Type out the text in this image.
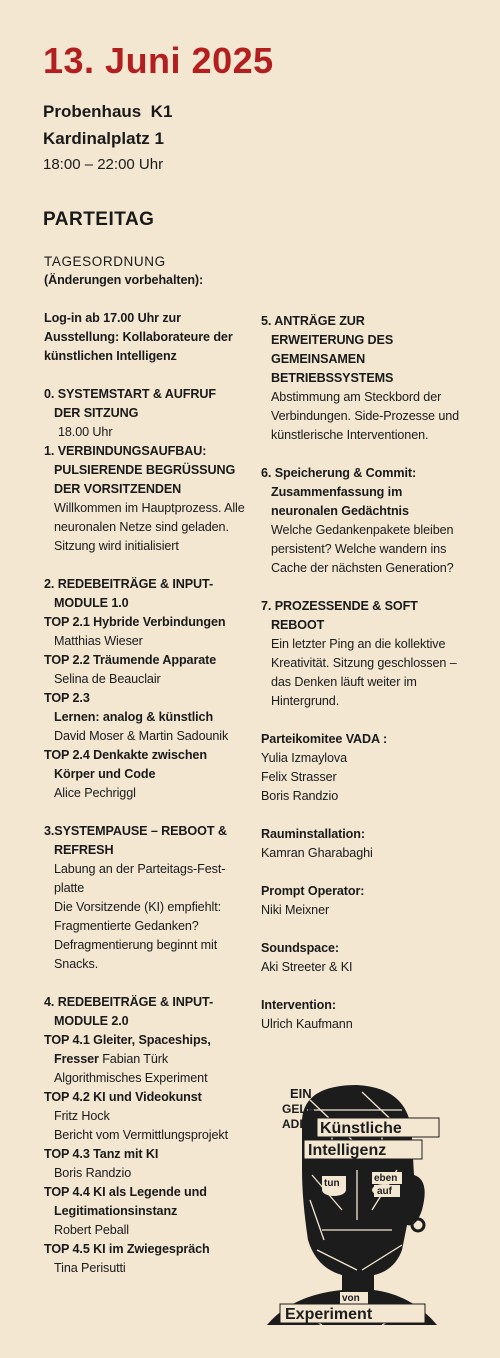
13. Juni 2025
Probenhaus  K1
Kardinalplatz 1
18:00 – 22:00 Uhr
PARTEITAG

TAGESORDNUNG

(Änderungen vorbehalten):

Log-in ab 17.00 Uhr zur Ausstellung: Kollaborateure der künstlichen Intelligenz

0. SYSTEMSTART & AUFRUF

DER SITZUNG

18.00 Uhr

1. VERBINDUNGSAUFBAU:

PULSIERENDE BEGRÜSSUNG

DER VORSITZENDEN

Willkommen im Hauptprozess. Alle neuronalen Netze sind geladen. Sitzung wird initialisiert

2. REDEBEITRÄGE & INPUT-

MODULE 1.0

TOP 2.1 Hybride Verbindungen

Matthias Wieser

TOP 2.2 Träumende Apparate

Selina de Beauclair

TOP 2.3

Lernen: analog & künstlich

David Moser & Martin Sadounik

TOP 2.4 Denkakte zwischen

Körper und Code

Alice Pechriggl

3.SYSTEMPAUSE – REBOOT &

REFRESH

Labung an der Parteitags-Festplatte

Die Vorsitzende (KI) empfiehlt: Fragmentierte Gedanken? Defragmentierung beginnt mit Snacks.

4. REDEBEITRÄGE & INPUT-

MODULE 2.0

TOP 4.1 Gleiter, Spaceships,

Fresser Fabian Türk

Algorithmisches Experiment

TOP 4.2 KI und Videokunst

Fritz Hock

Bericht vom Vermittlungsprojekt

TOP 4.3 Tanz mit KI

Boris Randzio

TOP 4.4 KI als Legende und

Legitimationsinstanz

Robert Peball

TOP 4.5 KI im Zwiegespräch

Tina Perisutti

5. ANTRÄGE ZUR

ERWEITERUNG DES GEMEINSAMEN BETRIEBSSYSTEMS

Abstimmung am Steckbord der Verbindungen. Side-Prozesse und künstlerische Interventionen.

6. Speicherung & Commit:

Zusammenfassung im neuronalen Gedächtnis

Welche Gedankenpakete bleiben persistent? Welche wandern ins Cache der nächsten Generation?

7. PROZESSENDE & SOFT

REBOOT

Ein letzter Ping an die kollektive Kreativität. Sitzung geschlossen – das Denken läuft weiter im Hintergrund.

Parteikomitee VADA :

Yulia Izmaylova

Felix Strasser

Boris Randzio

Rauminstallation:

Kamran Gharabaghi

Prompt Operator:

Niki Meixner

Soundspace:

Aki Streeter & KI

Intervention:

Ulrich Kaufmann

EIN
GELA
ADEN Künstliche
Intelligenz
tun	eben
auf
von
Experiment
